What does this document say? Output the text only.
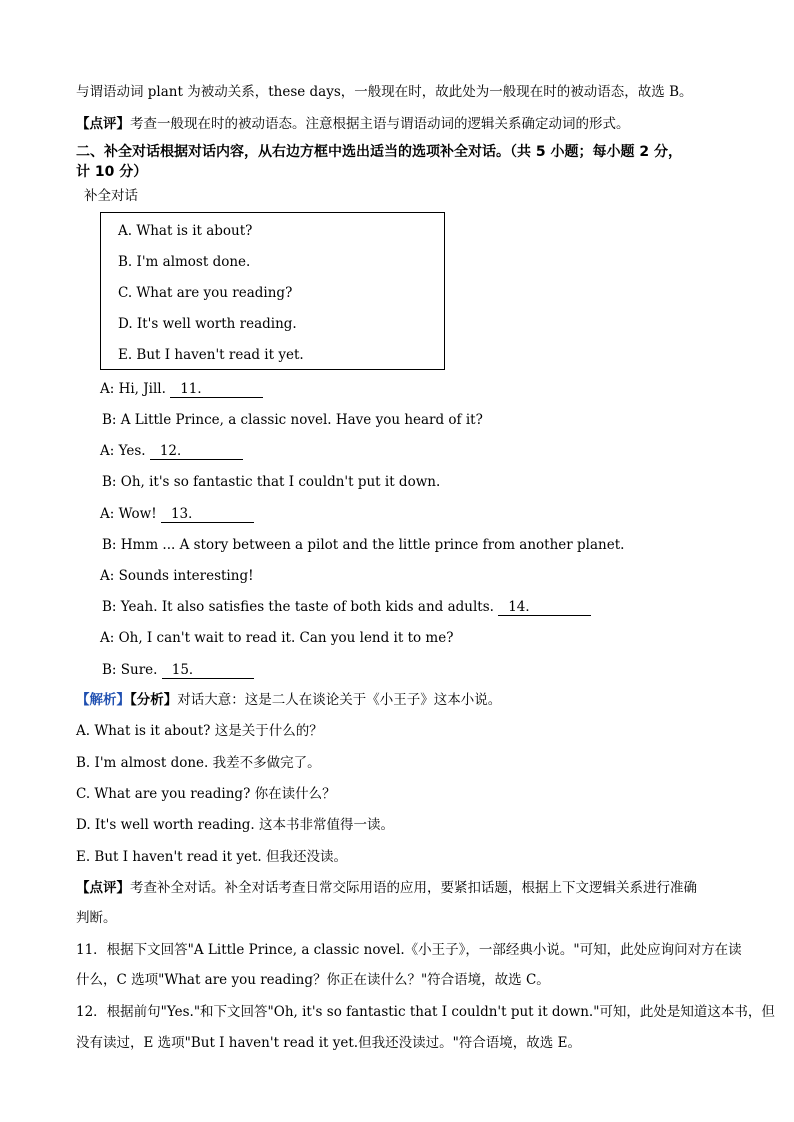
与谓语动词 plant 为被动关系，these days，一般现在时，故此处为一般现在时的被动语态，故选 B。
【点评】考查一般现在时的被动语态。注意根据主语与谓语动词的逻辑关系确定动词的形式。
二、补全对话根据对话内容，从右边方框中选出适当的选项补全对话。（共 5 小题；每小题 2 分，
计 10 分）
补全对话
A. What is it about?
B. I'm almost done.
C. What are you reading?
D. It's well worth reading.
E. But I haven't read it yet.
A: Hi, Jill. 11．
B: A Little Prince, a classic novel. Have you heard of it?
A: Yes. 12．
B: Oh, it's so fantastic that I couldn't put it down.
A: Wow! 13．
B: Hmm ... A story between a pilot and the little prince from another planet.
A: Sounds interesting!
B: Yeah. It also satisfies the taste of both kids and adults. 14．
A: Oh, I can't wait to read it. Can you lend it to me?
B: Sure. 15．
【解析】【分析】对话大意：这是二人在谈论关于《小王子》这本小说。
A. What is it about? 这是关于什么的？
B. I'm almost done. 我差不多做完了。
C. What are you reading? 你在读什么？
D. It's well worth reading. 这本书非常值得一读。
E. But I haven't read it yet. 但我还没读。
【点评】考查补全对话。补全对话考查日常交际用语的应用，要紧扣话题，根据上下文逻辑关系进行准确
判断。
11．根据下文回答"A Little Prince, a classic novel.《小王子》，一部经典小说。"可知，此处应询问对方在读
什么，C 选项"What are you reading？你正在读什么？"符合语境，故选 C。
12．根据前句"Yes."和下文回答"Oh, it's so fantastic that I couldn't put it down."可知，此处是知道这本书，但
没有读过，E 选项"But I haven't read it yet.但我还没读过。"符合语境，故选 E。
